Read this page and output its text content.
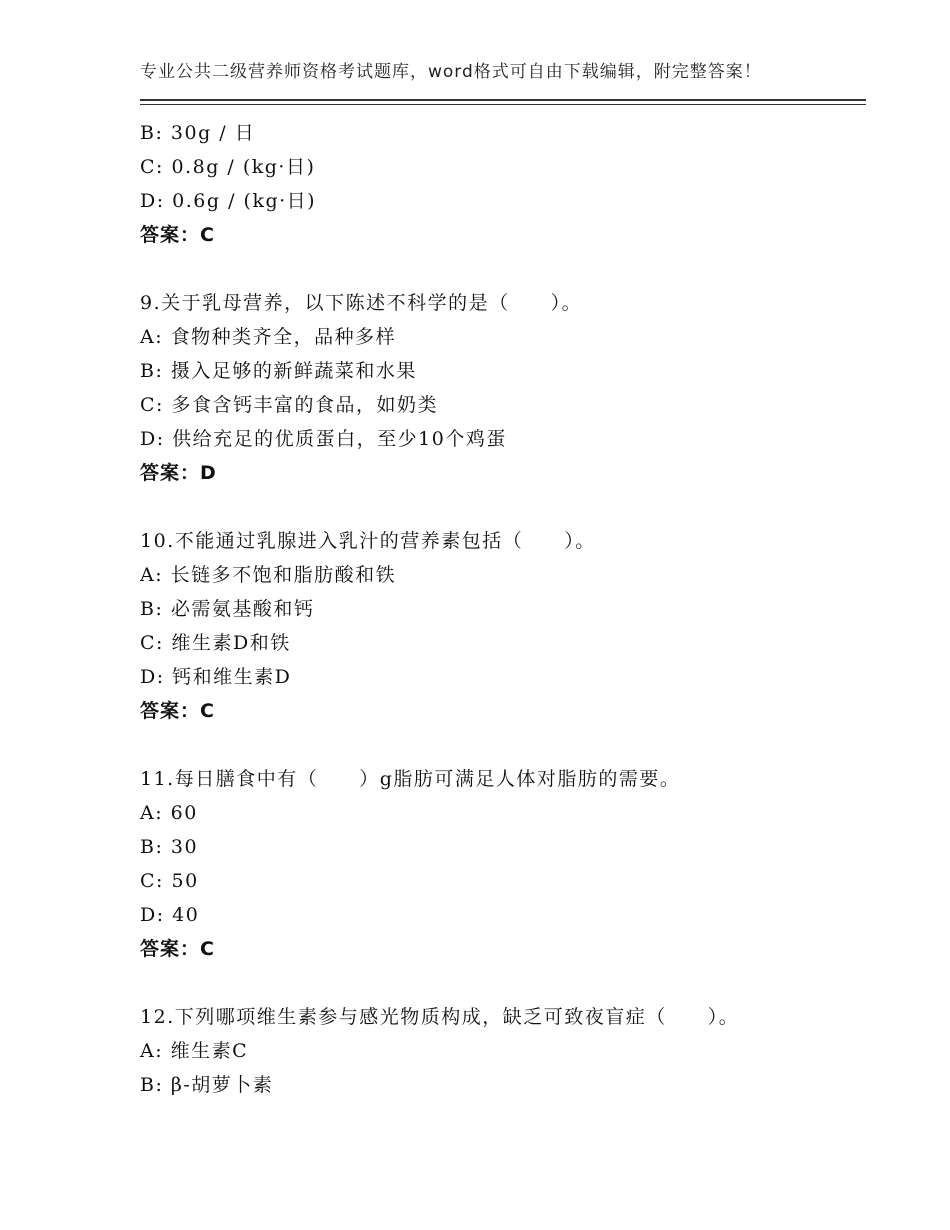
专业公共二级营养师资格考试题库，word格式可自由下载编辑，附完整答案！
B: 30g / 日
C: 0.8g / (kg·日)
D: 0.6g / (kg·日)
答案：C
9.关于乳母营养，以下陈述不科学的是（　　）。
A: 食物种类齐全，品种多样
B: 摄入足够的新鲜蔬菜和水果
C: 多食含钙丰富的食品，如奶类
D: 供给充足的优质蛋白，至少10个鸡蛋
答案：D
10.不能通过乳腺进入乳汁的营养素包括（　　）。
A: 长链多不饱和脂肪酸和铁
B: 必需氨基酸和钙
C: 维生素D和铁
D: 钙和维生素D
答案：C
11.每日膳食中有（　　）g脂肪可满足人体对脂肪的需要。
A: 60
B: 30
C: 50
D: 40
答案：C
12.下列哪项维生素参与感光物质构成，缺乏可致夜盲症（　　）。
A: 维生素C
B: β-胡萝卜素
